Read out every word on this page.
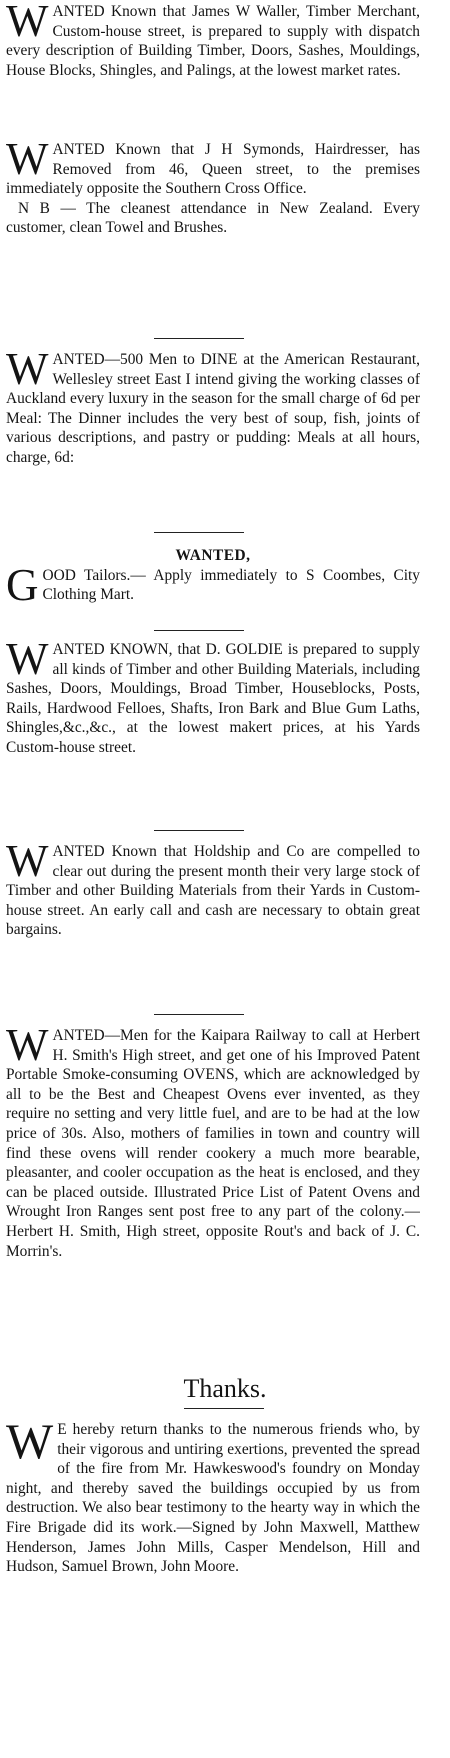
W ANTED Known that James W Waller, Timber Merchant, Custom-house street, is prepared to supply with dispatch every description of Building Timber, Doors, Sashes, Mouldings, House Blocks, Shingles, and Palings, at the lowest market rates.

W ANTED Known that J H Symonds, Hairdresser, has Removed from 46, Queen street, to the premises immediately opposite the Southern Cross Office.

N B — The cleanest attendance in New Zealand. Every customer, clean Towel and Brushes.

W ANTED—500 Men to DINE at the American Restaurant, Wellesley street East I intend giving the working classes of Auckland every luxury in the season for the small charge of 6d per Meal: The Dinner includes the very best of soup, fish, joints of various descriptions, and pastry or pudding: Meals at all hours, charge, 6d:

WANTED,
G OOD Tailors.— Apply immediately to S Coombes, City Clothing Mart.

W ANTED KNOWN, that D. GOLDIE is prepared to supply all kinds of Timber and other Building Materials, including Sashes, Doors, Mouldings, Broad Timber, Houseblocks, Posts, Rails, Hardwood Felloes, Shafts, Iron Bark and Blue Gum Laths, Shingles,&c.,&c., at the lowest makert prices, at his Yards Custom-house street.

W ANTED Known that Holdship and Co are compelled to clear out during the present month their very large stock of Timber and other Building Materials from their Yards in Custom-house street. An early call and cash are necessary to obtain great bargains.

W ANTED—Men for the Kaipara Railway to call at Herbert H. Smith's High street, and get one of his Improved Patent Portable Smoke-consuming OVENS, which are acknowledged by all to be the Best and Cheapest Ovens ever invented, as they require no setting and very little fuel, and are to be had at the low price of 30s. Also, mothers of families in town and country will find these ovens will render cookery a much more bearable, pleasanter, and cooler occupation as the heat is enclosed, and they can be placed outside. Illustrated Price List of Patent Ovens and Wrought Iron Ranges sent post free to any part of the colony.—Herbert H. Smith, High street, opposite Rout's and back of J. C. Morrin's.

Thanks.
W E hereby return thanks to the numerous friends who, by their vigorous and untiring exertions, prevented the spread of the fire from Mr. Hawkeswood's foundry on Monday night, and thereby saved the buildings occupied by us from destruction. We also bear testimony to the hearty way in which the Fire Brigade did its work.—Signed by John Maxwell, Matthew Henderson, James John Mills, Casper Mendelson, Hill and Hudson, Samuel Brown, John Moore.
